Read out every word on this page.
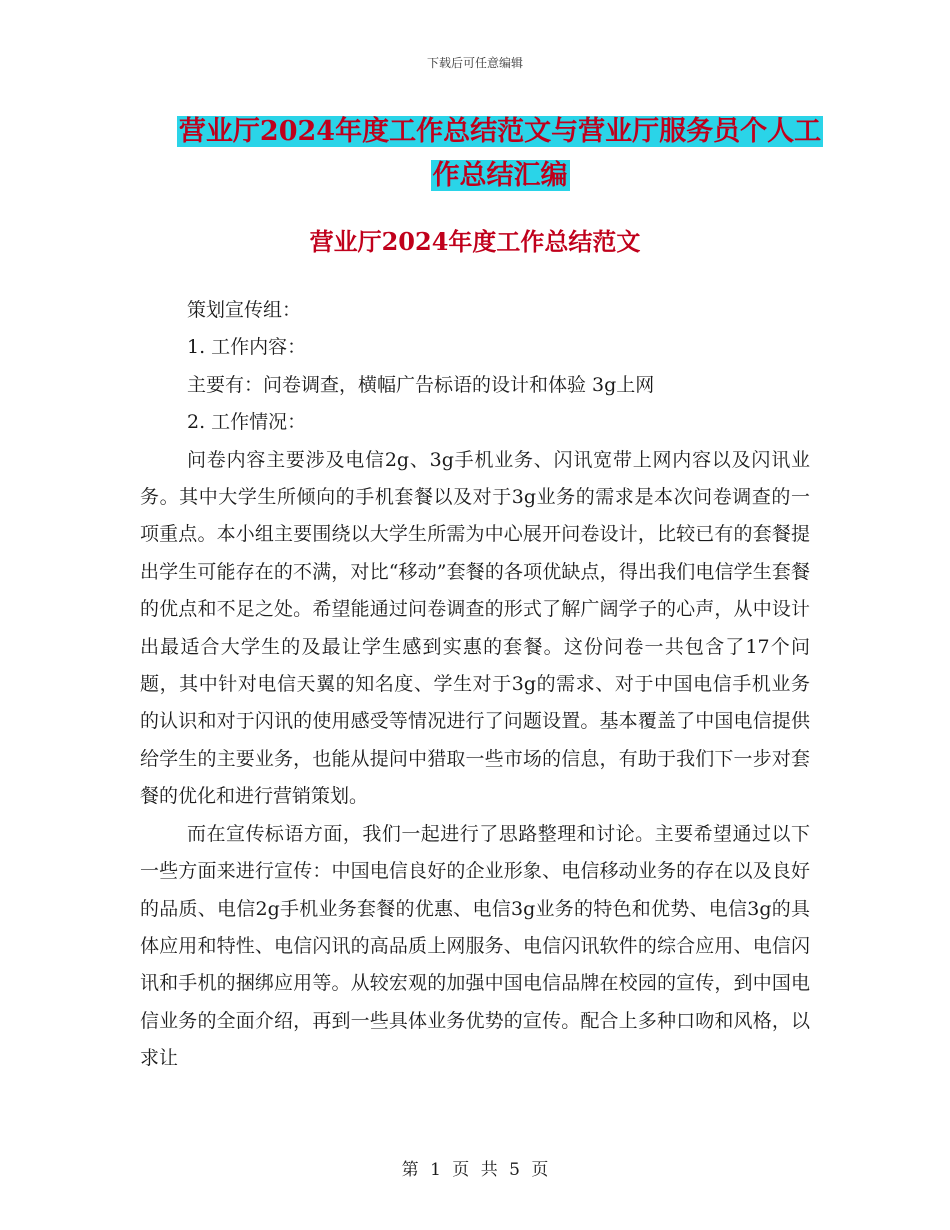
下载后可任意编辑
营业厅2024年度工作总结范文与营业厅服务员个人工
作总结汇编
营业厅2024年度工作总结范文

策划宣传组：

1. 工作内容：

主要有：问卷调查，横幅广告标语的设计和体验 3g上网

2. 工作情况：

问卷内容主要涉及电信2g、3g手机业务、闪讯宽带上网内容以及闪讯业务。其中大学生所倾向的手机套餐以及对于3g业务的需求是本次问卷调查的一项重点。本小组主要围绕以大学生所需为中心展开问卷设计，比较已有的套餐提出学生可能存在的不满，对比“移动”套餐的各项优缺点，得出我们电信学生套餐的优点和不足之处。希望能通过问卷调查的形式了解广阔学子的心声，从中设计出最适合大学生的及最让学生感到实惠的套餐。这份问卷一共包含了17个问题，其中针对电信天翼的知名度、学生对于3g的需求、对于中国电信手机业务的认识和对于闪讯的使用感受等情况进行了问题设置。基本覆盖了中国电信提供给学生的主要业务，也能从提问中猎取一些市场的信息，有助于我们下一步对套餐的优化和进行营销策划。

而在宣传标语方面，我们一起进行了思路整理和讨论。主要希望通过以下一些方面来进行宣传：中国电信良好的企业形象、电信移动业务的存在以及良好的品质、电信2g手机业务套餐的优惠、电信3g业务的特色和优势、电信3g的具体应用和特性、电信闪讯的高品质上网服务、电信闪讯软件的综合应用、电信闪讯和手机的捆绑应用等。从较宏观的加强中国电信品牌在校园的宣传，到中国电信业务的全面介绍，再到一些具体业务优势的宣传。配合上多种口吻和风格，以求让

第 1 页 共 5 页
